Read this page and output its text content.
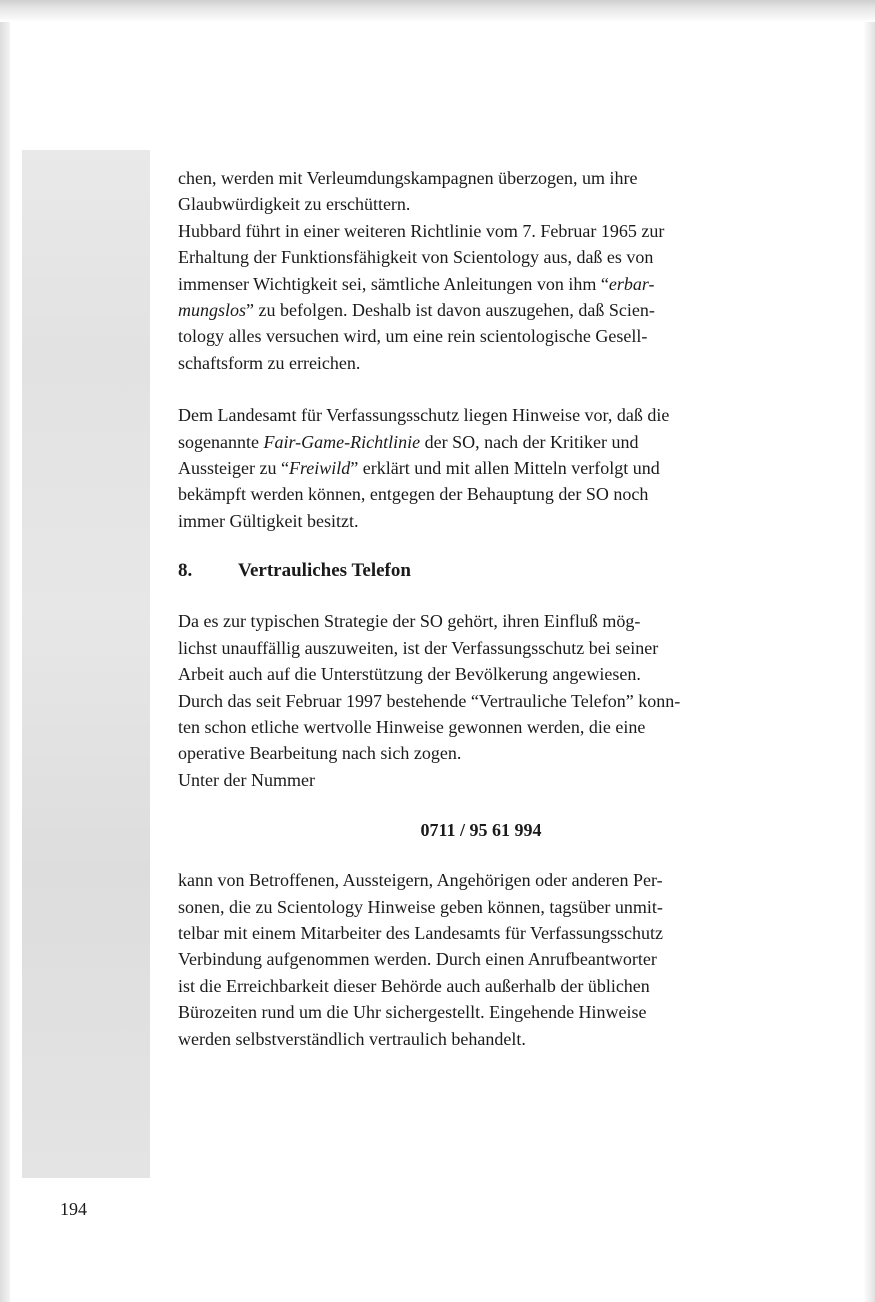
chen, werden mit Verleumdungskampagnen überzogen, um ihre
Glaubwürdigkeit zu erschüttern.

Hubbard führt in einer weiteren Richtlinie vom 7. Februar 1965 zur
Erhaltung der Funktionsfähigkeit von Scientology aus, daß es von
immenser Wichtigkeit sei, sämtliche Anleitungen von ihm “erbar-
mungslos” zu befolgen. Deshalb ist davon auszugehen, daß Scien-
tology alles versuchen wird, um eine rein scientologische Gesell-
schaftsform zu erreichen.

Dem Landesamt für Verfassungsschutz liegen Hinweise vor, daß die
sogenannte Fair-Game-Richtlinie der SO, nach der Kritiker und
Aussteiger zu “Freiwild” erklärt und mit allen Mitteln verfolgt und
bekämpft werden können, entgegen der Behauptung der SO noch
immer Gültigkeit besitzt.

8. Vertrauliches Telefon

Da es zur typischen Strategie der SO gehört, ihren Einfluß mög-
lichst unauffällig auszuweiten, ist der Verfassungsschutz bei seiner
Arbeit auch auf die Unterstützung der Bevölkerung angewiesen.
Durch das seit Februar 1997 bestehende “Vertrauliche Telefon” konn-
ten schon etliche wertvolle Hinweise gewonnen werden, die eine
operative Bearbeitung nach sich zogen.
Unter der Nummer

0711 / 95 61 994

kann von Betroffenen, Aussteigern, Angehörigen oder anderen Per-
sonen, die zu Scientology Hinweise geben können, tagsüber unmit-
telbar mit einem Mitarbeiter des Landesamts für Verfassungsschutz
Verbindung aufgenommen werden. Durch einen Anrufbeantworter
ist die Erreichbarkeit dieser Behörde auch außerhalb der üblichen
Bürozeiten rund um die Uhr sichergestellt. Eingehende Hinweise
werden selbstverständlich vertraulich behandelt.

194
